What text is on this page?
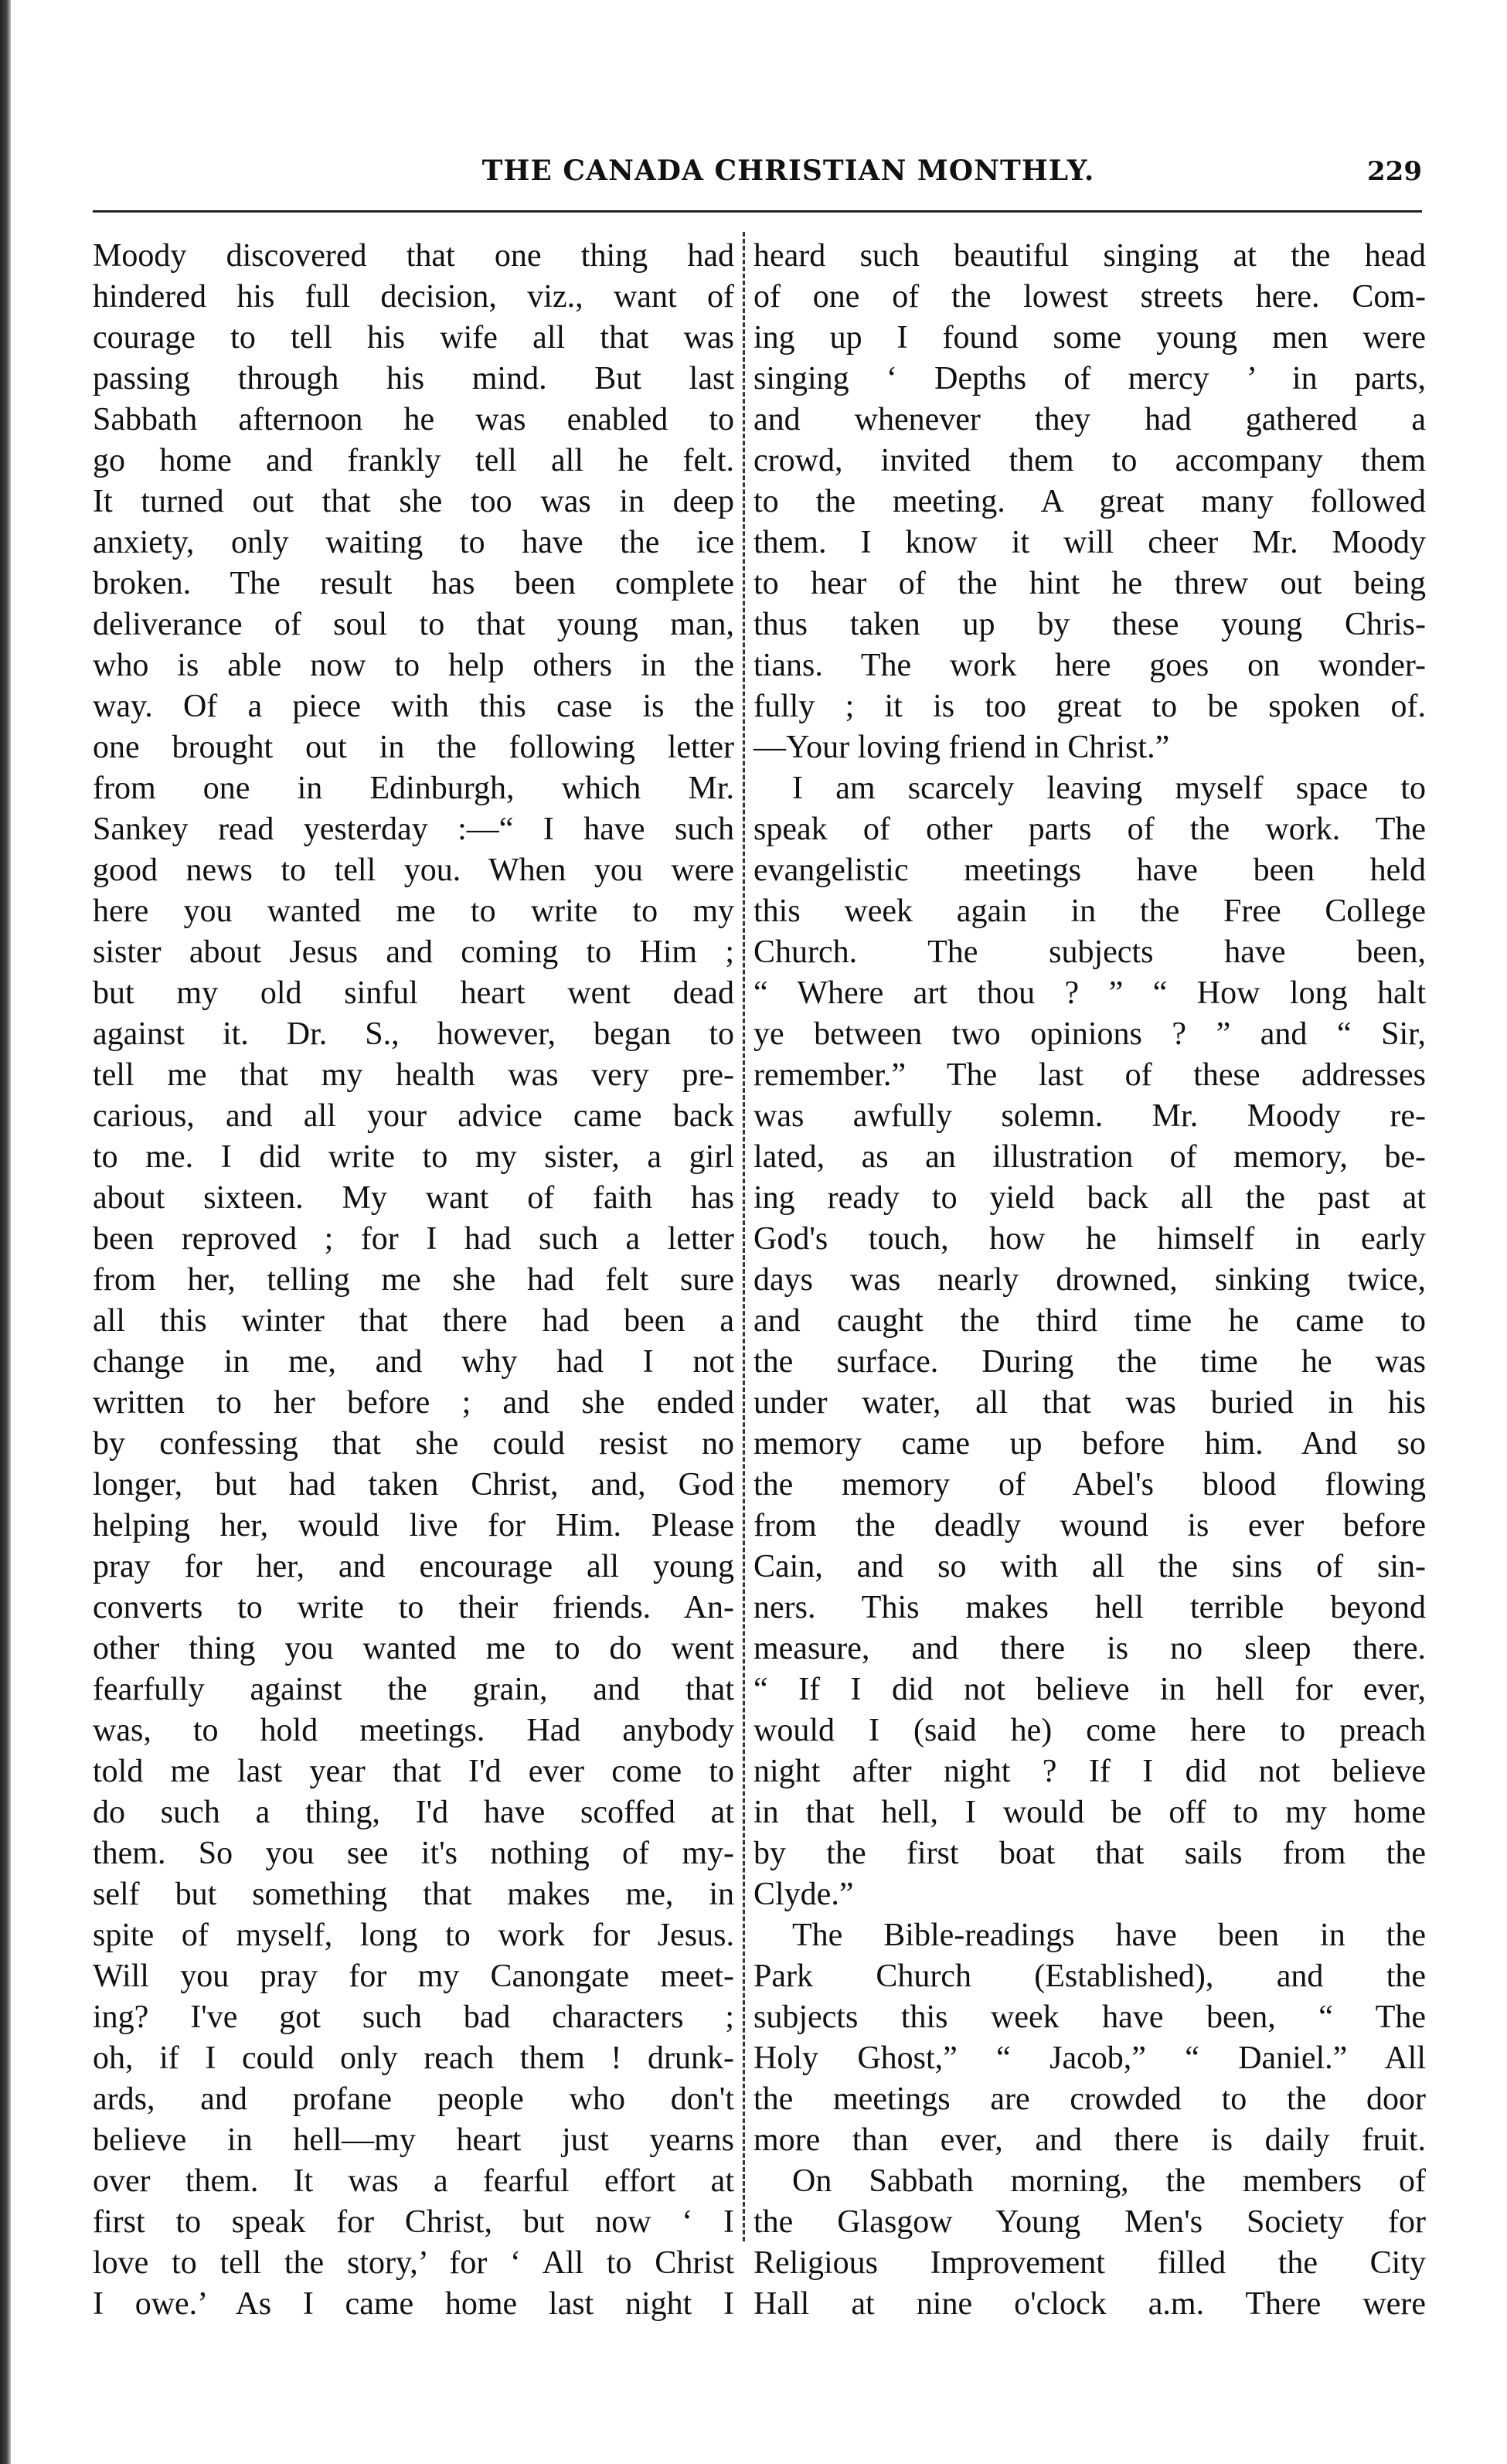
THE CANADA CHRISTIAN MONTHLY.	229
Moody discovered that one thing had
hindered his full decision, viz., want of
courage to tell his wife all that was
passing through his mind. But last
Sabbath afternoon he was enabled to
go home and frankly tell all he felt.
It turned out that she too was in deep
anxiety, only waiting to have the ice
broken. The result has been complete
deliverance of soul to that young man,
who is able now to help others in the
way. Of a piece with this case is the
one brought out in the following letter
from one in Edinburgh, which Mr.
Sankey read yesterday :—“ I have such
good news to tell you. When you were
here you wanted me to write to my
sister about Jesus and coming to Him ;
but my old sinful heart went dead
against it. Dr. S., however, began to
tell me that my health was very pre-
carious, and all your advice came back
to me. I did write to my sister, a girl
about sixteen. My want of faith has
been reproved ; for I had such a letter
from her, telling me she had felt sure
all this winter that there had been a
change in me, and why had I not
written to her before ; and she ended
by confessing that she could resist no
longer, but had taken Christ, and, God
helping her, would live for Him. Please
pray for her, and encourage all young
converts to write to their friends. An-
other thing you wanted me to do went
fearfully against the grain, and that
was, to hold meetings. Had anybody
told me last year that I'd ever come to
do such a thing, I'd have scoffed at
them. So you see it's nothing of my-
self but something that makes me, in
spite of myself, long to work for Jesus.
Will you pray for my Canongate meet-
ing? I've got such bad characters ;
oh, if I could only reach them ! drunk-
ards, and profane people who don't
believe in hell—my heart just yearns
over them. It was a fearful effort at
first to speak for Christ, but now ‘ I
love to tell the story,’ for ‘ All to Christ
I owe.’ As I came home last night I
heard such beautiful singing at the head
of one of the lowest streets here. Com-
ing up I found some young men were
singing ‘ Depths of mercy ’ in parts,
and whenever they had gathered a
crowd, invited them to accompany them
to the meeting. A great many followed
them. I know it will cheer Mr. Moody
to hear of the hint he threw out being
thus taken up by these young Chris-
tians. The work here goes on wonder-
fully ; it is too great to be spoken of.
—Your loving friend in Christ.”
I am scarcely leaving myself space to
speak of other parts of the work. The
evangelistic meetings have been held
this week again in the Free College
Church. The subjects have been,
“ Where art thou ? ” “ How long halt
ye between two opinions ? ” and “ Sir,
remember.” The last of these addresses
was awfully solemn. Mr. Moody re-
lated, as an illustration of memory, be-
ing ready to yield back all the past at
God's touch, how he himself in early
days was nearly drowned, sinking twice,
and caught the third time he came to
the surface. During the time he was
under water, all that was buried in his
memory came up before him. And so
the memory of Abel's blood flowing
from the deadly wound is ever before
Cain, and so with all the sins of sin-
ners. This makes hell terrible beyond
measure, and there is no sleep there.
“ If I did not believe in hell for ever,
would I (said he) come here to preach
night after night ? If I did not believe
in that hell, I would be off to my home
by the first boat that sails from the
Clyde.”
The Bible-readings have been in the
Park Church (Established), and the
subjects this week have been, “ The
Holy Ghost,” “ Jacob,” “ Daniel.” All
the meetings are crowded to the door
more than ever, and there is daily fruit.
On Sabbath morning, the members of
the Glasgow Young Men's Society for
Religious Improvement filled the City
Hall at nine o'clock a.m. There were
